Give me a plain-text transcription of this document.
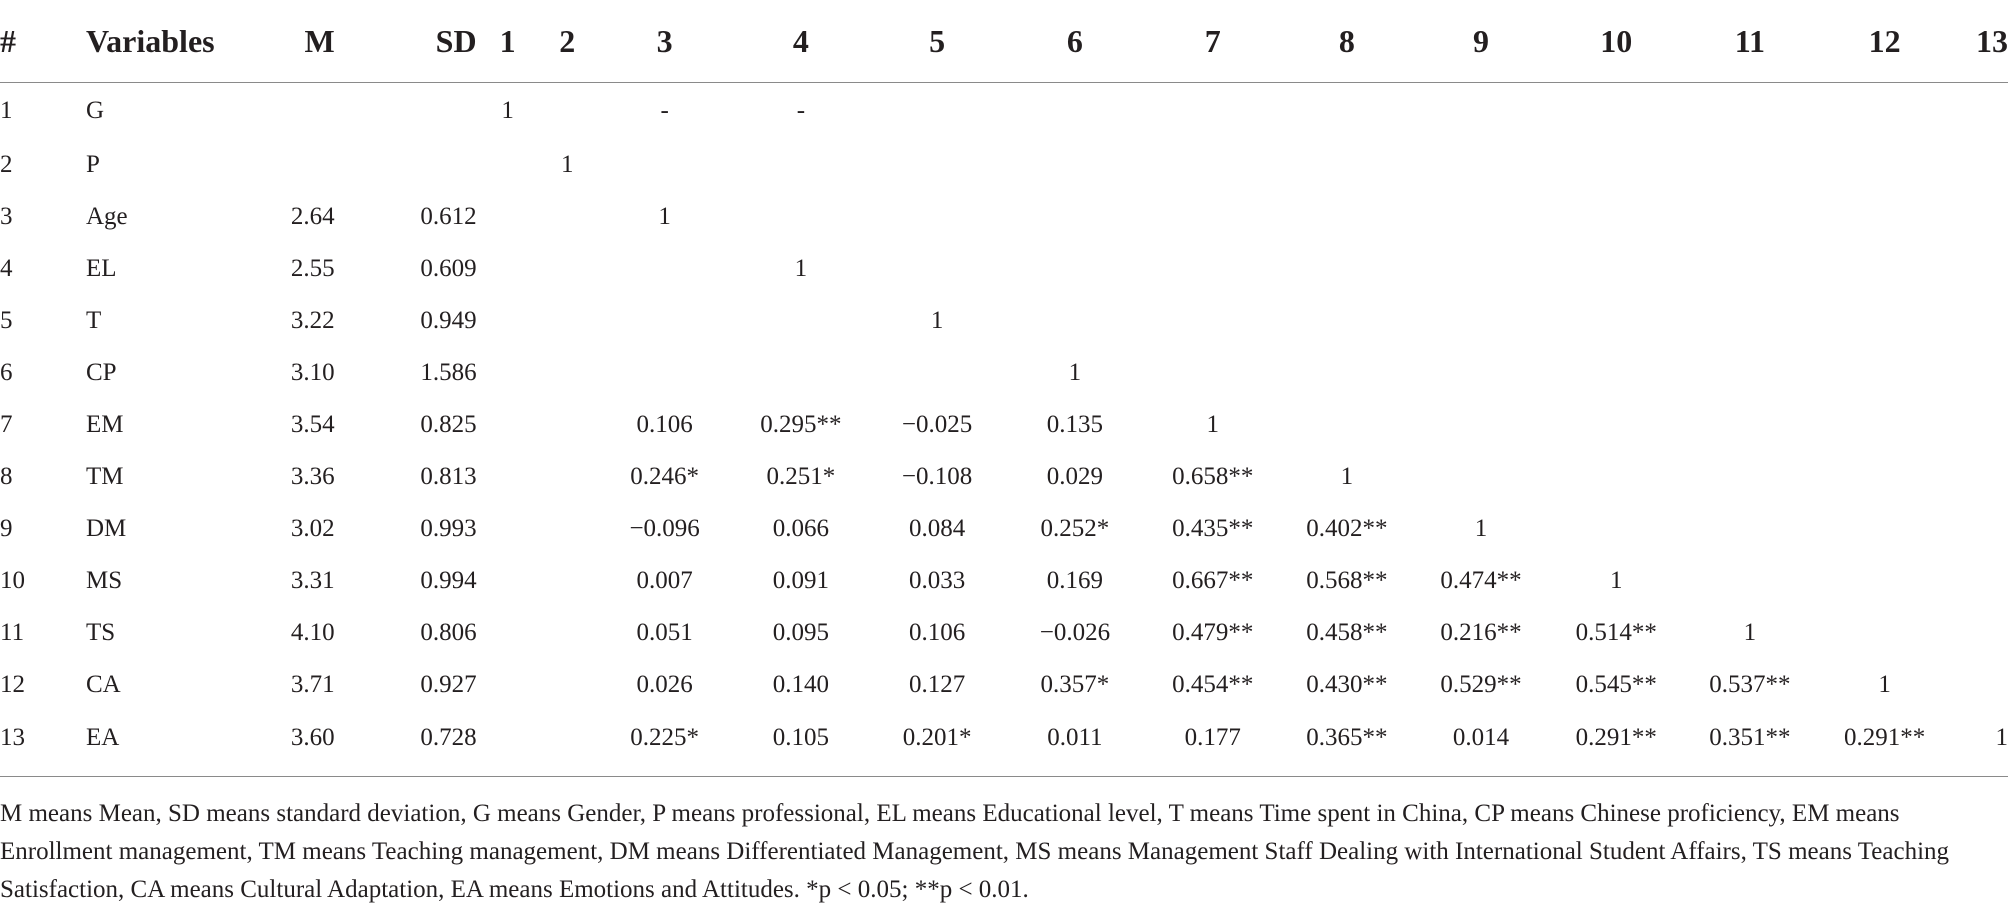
#	Variables	M	SD	1	2	3	4	5	6	7	8	9	10	11	12	13
1	G			1		-	-									
2	P				1											
3	Age	2.64	0.612			1										
4	EL	2.55	0.609				1									
5	T	3.22	0.949					1								
6	CP	3.10	1.586						1							
7	EM	3.54	0.825			0.106	0.295**	−0.025	0.135	1						
8	TM	3.36	0.813			0.246*	0.251*	−0.108	0.029	0.658**	1					
9	DM	3.02	0.993			−0.096	0.066	0.084	0.252*	0.435**	0.402**	1				
10	MS	3.31	0.994			0.007	0.091	0.033	0.169	0.667**	0.568**	0.474**	1			
11	TS	4.10	0.806			0.051	0.095	0.106	−0.026	0.479**	0.458**	0.216**	0.514**	1		
12	CA	3.71	0.927			0.026	0.140	0.127	0.357*	0.454**	0.430**	0.529**	0.545**	0.537**	1	
13	EA	3.60	0.728			0.225*	0.105	0.201*	0.011	0.177	0.365**	0.014	0.291**	0.351**	0.291**	1

M means Mean, SD means standard deviation, G means Gender, P means professional, EL means Educational level, T means Time spent in China, CP means Chinese proficiency, EM means Enrollment management, TM means Teaching management, DM means Differentiated Management, MS means Management Staff Dealing with International Student Affairs, TS means Teaching Satisfaction, CA means Cultural Adaptation, EA means Emotions and Attitudes. *p < 0.05; **p < 0.01.
